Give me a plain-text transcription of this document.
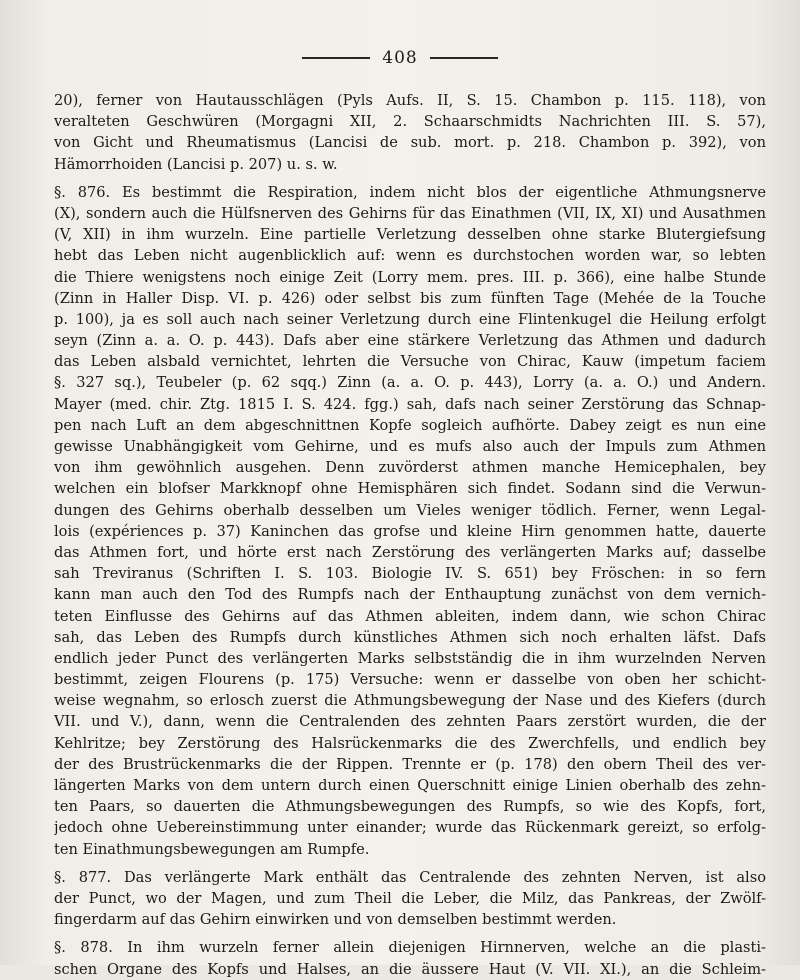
408
20), ferner von Hautausschlägen (Pyls Aufs. II, S. 15. Chambon p. 115. 118), von
veralteten Geschwüren (Morgagni XII, 2. Schaarschmidts Nachrichten III. S. 57),
von Gicht und Rheumatismus (Lancisi de sub. mort. p. 218. Chambon p. 392), von
Hämorrhoiden (Lancisi p. 207) u. s. w.
§. 876. Es bestimmt die Respiration, indem nicht blos der eigentliche Athmungsnerve
(X), sondern auch die Hülfsnerven des Gehirns für das Einathmen (VII, IX, XI) und Ausathmen
(V, XII) in ihm wurzeln. Eine partielle Verletzung desselben ohne starke Blutergiefsung
hebt das Leben nicht augenblicklich auf: wenn es durchstochen worden war, so lebten
die Thiere wenigstens noch einige Zeit (Lorry mem. pres. III. p. 366), eine halbe Stunde
(Zinn in Haller Disp. VI. p. 426) oder selbst bis zum fünften Tage (Mehée de la Touche
p. 100), ja es soll auch nach seiner Verletzung durch eine Flintenkugel die Heilung erfolgt
seyn (Zinn a. a. O. p. 443). Dafs aber eine stärkere Verletzung das Athmen und dadurch
das Leben alsbald vernichtet, lehrten die Versuche von Chirac, Kauw (impetum faciem
§. 327 sq.), Teubeler (p. 62 sqq.) Zinn (a. a. O. p. 443), Lorry (a. a. O.) und Andern.
Mayer (med. chir. Ztg. 1815 I. S. 424. fgg.) sah, dafs nach seiner Zerstörung das Schnap-
pen nach Luft an dem abgeschnittnen Kopfe sogleich aufhörte. Dabey zeigt es nun eine
gewisse Unabhängigkeit vom Gehirne, und es mufs also auch der Impuls zum Athmen
von ihm gewöhnlich ausgehen. Denn zuvörderst athmen manche Hemicephalen, bey
welchen ein blofser Markknopf ohne Hemisphären sich findet. Sodann sind die Verwun-
dungen des Gehirns oberhalb desselben um Vieles weniger tödlich. Ferner, wenn Legal-
lois (expériences p. 37) Kaninchen das grofse und kleine Hirn genommen hatte, dauerte
das Athmen fort, und hörte erst nach Zerstörung des verlängerten Marks auf; dasselbe
sah Treviranus (Schriften I. S. 103. Biologie IV. S. 651) bey Fröschen: in so fern
kann man auch den Tod des Rumpfs nach der Enthauptung zunächst von dem vernich-
teten Einflusse des Gehirns auf das Athmen ableiten, indem dann, wie schon Chirac
sah, das Leben des Rumpfs durch künstliches Athmen sich noch erhalten läfst. Dafs
endlich jeder Punct des verlängerten Marks selbstständig die in ihm wurzelnden Nerven
bestimmt, zeigen Flourens (p. 175) Versuche: wenn er dasselbe von oben her schicht-
weise wegnahm, so erlosch zuerst die Athmungsbewegung der Nase und des Kiefers (durch
VII. und V.), dann, wenn die Centralenden des zehnten Paars zerstört wurden, die der
Kehlritze; bey Zerstörung des Halsrückenmarks die des Zwerchfells, und endlich bey
der des Brustrückenmarks die der Rippen. Trennte er (p. 178) den obern Theil des ver-
längerten Marks von dem untern durch einen Querschnitt einige Linien oberhalb des zehn-
ten Paars, so dauerten die Athmungsbewegungen des Rumpfs, so wie des Kopfs, fort,
jedoch ohne Uebereinstimmung unter einander; wurde das Rückenmark gereizt, so erfolg-
ten Einathmungsbewegungen am Rumpfe.
§. 877. Das verlängerte Mark enthält das Centralende des zehnten Nerven, ist also
der Punct, wo der Magen, und zum Theil die Leber, die Milz, das Pankreas, der Zwölf-
fingerdarm auf das Gehirn einwirken und von demselben bestimmt werden.
§. 878. In ihm wurzeln ferner allein diejenigen Hirnnerven, welche an die plasti-
schen Organe des Kopfs und Halses, an die äussere Haut (V. VII. XI.), an die Schleim-
